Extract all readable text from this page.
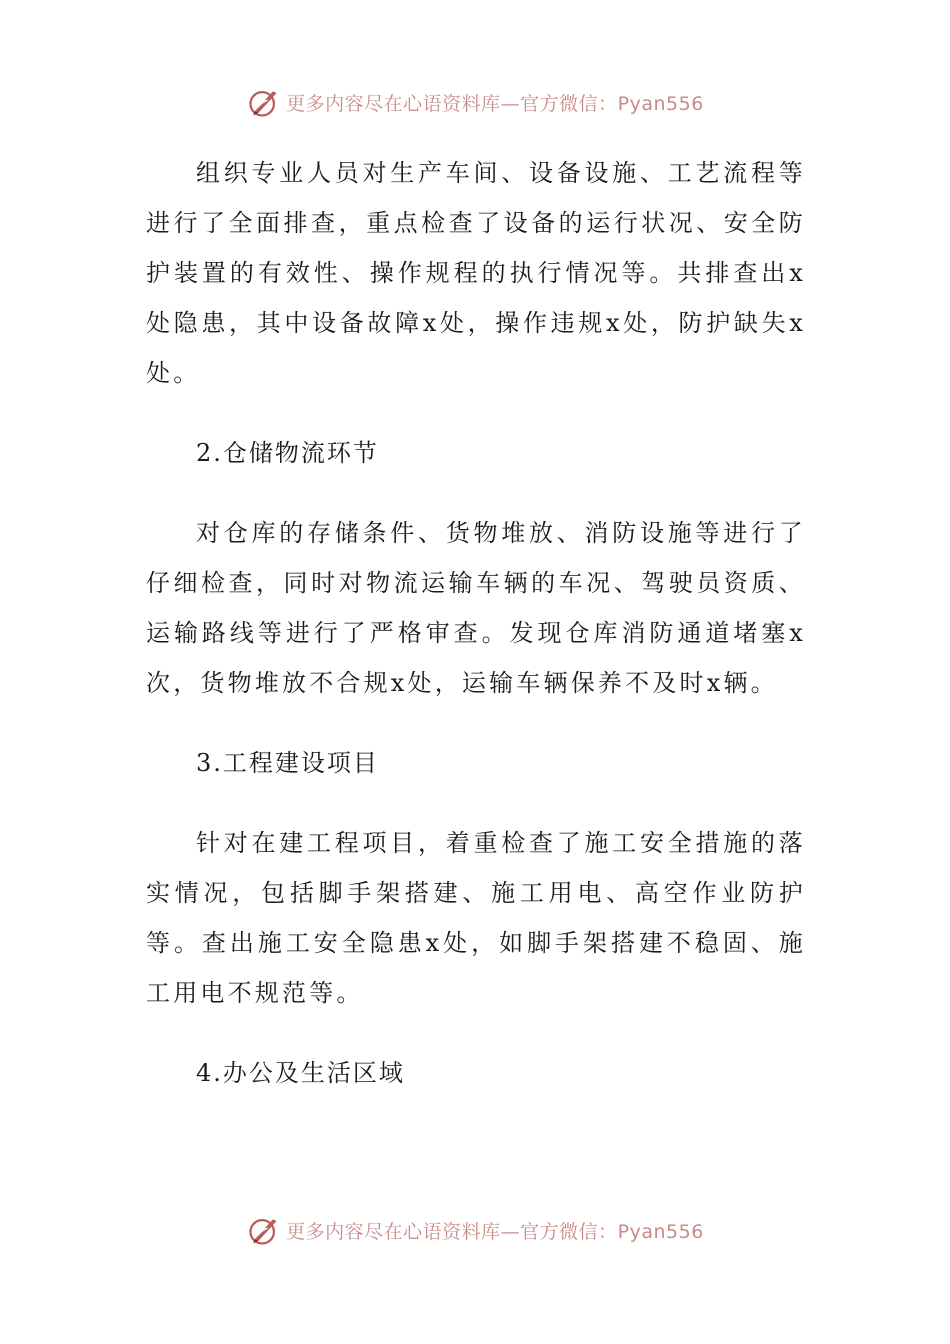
更多内容尽在心语资料库—官方微信：Pyan556

组织专业人员对生产车间、设备设施、工艺流程等进行了全面排查，重点检查了设备的运行状况、安全防护装置的有效性、操作规程的执行情况等。共排查出x处隐患，其中设备故障x处，操作违规x处，防护缺失x处。

2.仓储物流环节

对仓库的存储条件、货物堆放、消防设施等进行了仔细检查，同时对物流运输车辆的车况、驾驶员资质、运输路线等进行了严格审查。发现仓库消防通道堵塞x次，货物堆放不合规x处，运输车辆保养不及时x辆。

3.工程建设项目

针对在建工程项目，着重检查了施工安全措施的落实情况，包括脚手架搭建、施工用电、高空作业防护等。查出施工安全隐患x处，如脚手架搭建不稳固、施工用电不规范等。

4.办公及生活区域

更多内容尽在心语资料库—官方微信：Pyan556
